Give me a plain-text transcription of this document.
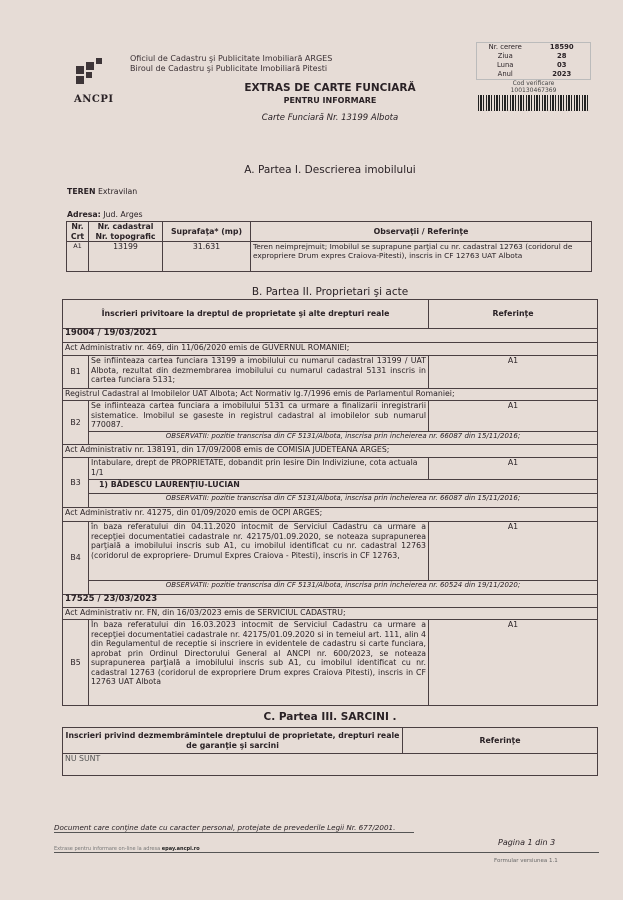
ANCPI
Oficiul de Cadastru şi Publicitate Imobiliară ARGES
Biroul de Cadastru şi Publicitate Imobiliară Pitesti
EXTRAS DE CARTE FUNCIARĂ
PENTRU INFORMARE
Carte Funciară Nr. 13199 Albota
Nr. cerere	18590
Ziua	28
Luna	03
Anul	2023
Cod verificare
100130467369
A. Partea I. Descrierea imobilului
TEREN Extravilan
Adresa: Jud. Arges
Nr. Crt	Nr. cadastral Nr. topografic	Suprafaţa* (mp)	Observaţii / Referinţe
A1	13199	31.631	Teren neimprejmuit; Imobilul se suprapune parţial cu nr. cadastral 12763 (coridorul de expropriere Drum expres Craiova-Pitesti), inscris in CF 12763 UAT Albota
B. Partea II. Proprietari şi acte
Înscrieri privitoare la dreptul de proprietate şi alte drepturi reale		Referinţe
19004 / 19/03/2021		
Act Administrativ nr. 469, din 11/06/2020 emis de GUVERNUL ROMANIEI;		
B1	Se infiinteaza cartea funciara 13199 a imobilului cu numarul cadastral 13199 / UAT Albota, rezultat din dezmembrarea imobilului cu numarul cadastral 5131 inscris in cartea funciara 5131;	A1
Registrul Cadastral al Imobilelor UAT Albota; Act Normativ lg.7/1996 emis de Parlamentul Romaniei;		
B2	Se infiinteaza cartea funciara a imobilului 5131 ca urmare a finalizarii inregistrarii sistematice. Imobilul se gaseste in registrul cadastral al imobilelor sub numarul 770087.	A1
	OBSERVATII: pozitie transcrisa din CF 5131/Albota, inscrisa prin incheierea nr. 66087 din 15/11/2016;	
Act Administrativ nr. 138191, din 17/09/2008 emis de COMISIA JUDETEANA ARGES;		
B3	Intabulare, drept de PROPRIETATE, dobandit prin Iesire Din Indiviziune, cota actuala 1/1	A1
	1) BĂDESCU LAURENŢIU-LUCIAN	
	OBSERVATII: pozitie transcrisa din CF 5131/Albota, inscrisa prin incheierea nr. 66087 din 15/11/2016;	
Act Administrativ nr. 41275, din 01/09/2020 emis de OCPI ARGES;		
B4	în baza referatului din 04.11.2020 intocmit de Serviciul Cadastru ca urmare a recepţiei documentatiei cadastrale nr. 42175/01.09.2020, se noteaza suprapunerea parţială a imobilului inscris sub A1, cu imobilul identificat cu nr. cadastral 12763 (coridorul de expropriere- Drumul Expres Craiova - Pitesti), inscris in CF 12763,	A1
	OBSERVATII: pozitie transcrisa din CF 5131/Albota, inscrisa prin incheierea nr. 60524 din 19/11/2020;	
17525 / 23/03/2023		
Act Administrativ nr. FN, din 16/03/2023 emis de SERVICIUL CADASTRU;		
B5	În baza referatului din 16.03.2023 intocmit de Serviciul Cadastru ca urmare a recepţiei documentatiei cadastrale nr. 42175/01.09.2020 si in temeiul art. 111, alin 4 din Regulamentul de receptie si inscriere in evidentele de cadastru si carte funciara, aprobat prin Ordinul Directorului General al ANCPI nr. 600/2023, se noteaza suprapunerea parţială a imobilului inscris sub A1, cu imobilul identificat cu nr. cadastral 12763 (coridorul de expropriere Drum expres Craiova Pitesti), inscris in CF 12763 UAT Albota	A1
C. Partea III. SARCINI .
Inscrieri privind dezmembrămintele dreptului de proprietate, drepturi reale de garanţie şi sarcini	Referinţe
NU SUNT
Document care conţine date cu caracter personal, protejate de prevederile Legii Nr. 677/2001.
Pagina 1 din 3
Extrase pentru informare on-line la adresa epay.ancpi.ro
Formular versiunea 1.1
